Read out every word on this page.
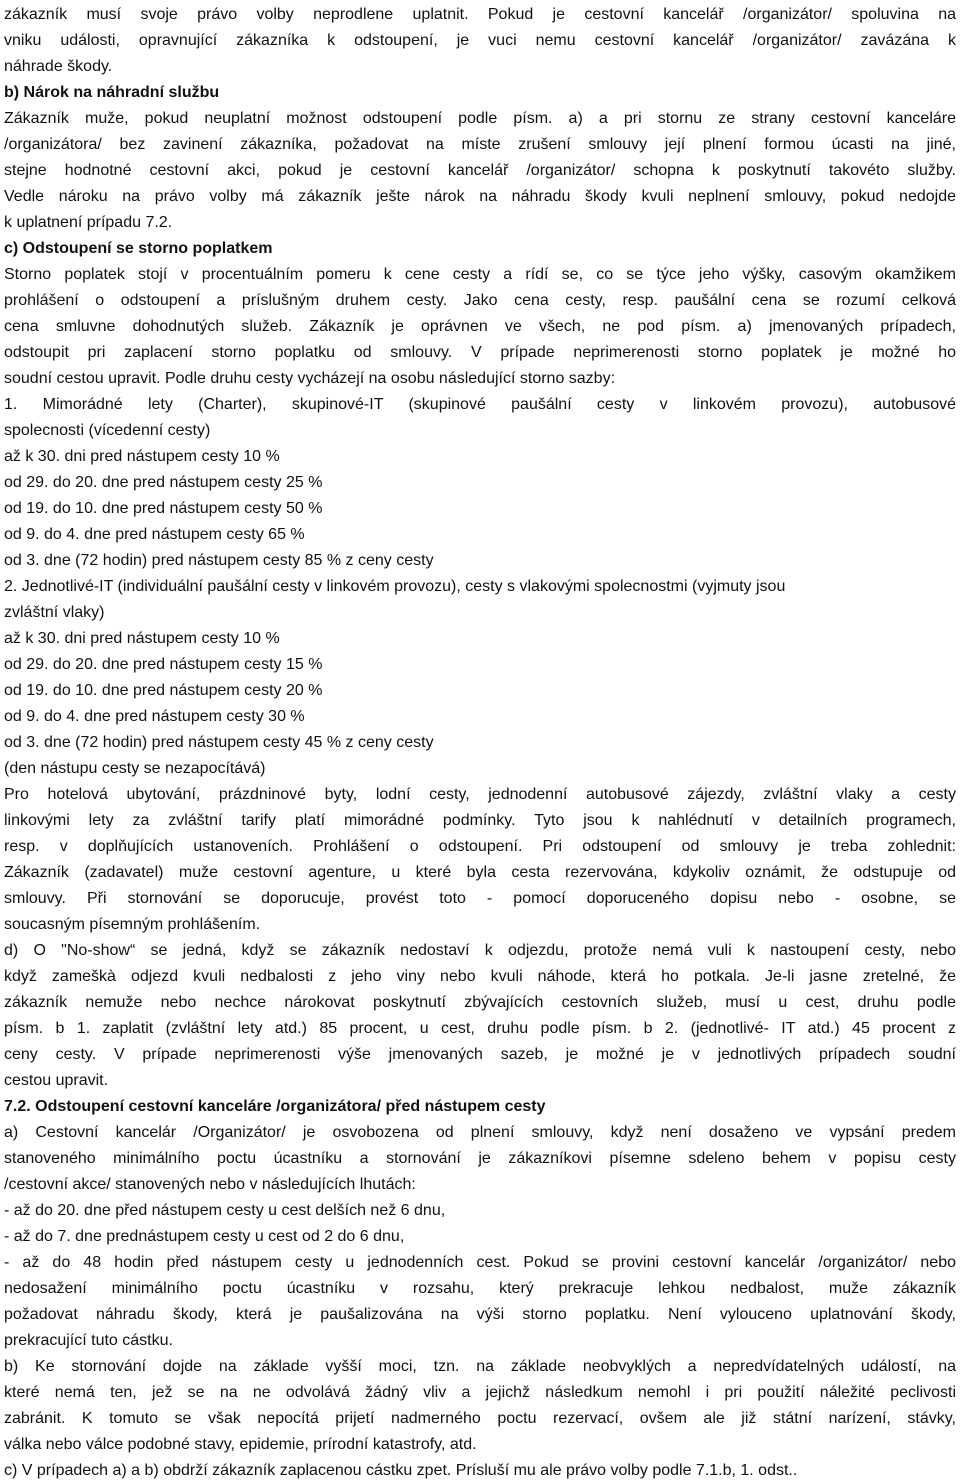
zákazník musí svoje právo volby neprodlene uplatnit. Pokud je cestovní kancelář /organizátor/ spoluvina na
vniku události, opravnující zákazníka k odstoupení, je vuci nemu cestovní kancelář /organizátor/ zavázána k
náhrade škody.
b) Nárok na náhradní službu
Zákazník muže, pokud neuplatní možnost odstoupení podle písm. a) a pri stornu ze strany cestovní kanceláre
/organizátora/ bez zavinení zákazníka, požadovat na míste zrušení smlouvy její plnení formou úcasti na jiné,
stejne hodnotné cestovní akci, pokud je cestovní kancelář /organizátor/ schopna k poskytnutí takovéto služby.
Vedle nároku na právo volby má zákazník ješte nárok na náhradu škody kvuli neplnení smlouvy, pokud nedojde
k uplatnení prípadu 7.2.
c) Odstoupení se storno poplatkem
Storno poplatek stojí v procentuálním pomeru k cene cesty a rídí se, co se týce jeho výšky, casovým okamžikem
prohlášení o odstoupení a príslušným druhem cesty. Jako cena cesty, resp. paušální cena se rozumí celková
cena smluvne dohodnutých služeb. Zákazník je oprávnen ve všech, ne pod písm. a) jmenovaných prípadech,
odstoupit pri zaplacení storno poplatku od smlouvy. V prípade neprimerenosti storno poplatek je možné ho
soudní cestou upravit. Podle druhu cesty vycházejí na osobu následující storno sazby:
1. Mimorádné lety (Charter), skupinové-IT (skupinové paušální cesty v linkovém provozu), autobusové
spolecnosti (vícedenní cesty)
až k 30. dni pred nástupem cesty 10 %
od 29. do 20. dne pred nástupem cesty 25 %
od 19. do 10. dne pred nástupem cesty 50 %
od 9. do 4. dne pred nástupem cesty 65 %
od 3. dne (72 hodin) pred nástupem cesty 85 % z ceny cesty
2. Jednotlivé-IT (individuální paušální cesty v linkovém provozu), cesty s vlakovými spolecnostmi (vyjmuty jsou
zvláštní vlaky)
až k 30. dni pred nástupem cesty 10 %
od 29. do 20. dne pred nástupem cesty 15 %
od 19. do 10. dne pred nástupem cesty 20 %
od 9. do 4. dne pred nástupem cesty 30 %
od 3. dne (72 hodin) pred nástupem cesty 45 % z ceny cesty
(den nástupu cesty se nezapocítává)
Pro hotelová ubytování, prázdninové byty, lodní cesty, jednodenní autobusové zájezdy, zvláštní vlaky a cesty
linkovými lety za zvláštní tarify platí mimorádné podmínky. Tyto jsou k nahlédnutí v detailních programech,
resp. v doplňujících ustanoveních. Prohlášení o odstoupení. Pri odstoupení od smlouvy je treba zohlednit:
Zákazník (zadavatel) muže cestovní agenture, u které byla cesta rezervována, kdykoliv oznámit, že odstupuje od
smlouvy. Při stornování se doporucuje, provést toto - pomocí doporuceného dopisu nebo - osobne, se
soucasným písemným prohlášením.
d) O "No-show“ se jedná, když se zákazník nedostaví k odjezdu, protože nemá vuli k nastoupení cesty, nebo
když zameškà odjezd kvuli nedbalosti z jeho viny nebo kvuli náhode, která ho potkala. Je-li jasne zretelné, že
zákazník nemuže nebo nechce nárokovat poskytnutí zbývajících cestovních služeb, musí u cest, druhu podle
písm. b 1. zaplatit (zvláštní lety atd.) 85 procent, u cest, druhu podle písm. b 2. (jednotlivé- IT atd.) 45 procent z
ceny cesty. V prípade neprimerenosti výše jmenovaných sazeb, je možné je v jednotlivých prípadech soudní
cestou upravit.
7.2. Odstoupení cestovní kanceláre /organizátora/ před nástupem cesty
a) Cestovní kancelár /Organizátor/ je osvobozena od plnení smlouvy, když není dosaženo ve vypsání predem
stanoveného minimálního poctu úcastníku a stornování je zákazníkovi písemne sdeleno behem v popisu cesty
/cestovní akce/ stanovených nebo v následujících lhutách:
- až do 20. dne před nástupem cesty u cest delších než 6 dnu,
- až do 7. dne prednástupem cesty u cest od 2 do 6 dnu,
- až do 48 hodin před nástupem cesty u jednodenních cest. Pokud se provini cestovní kancelár /organizátor/ nebo
nedosažení minimálního poctu úcastníku v rozsahu, který prekracuje lehkou nedbalost, muže zákazník
požadovat náhradu škody, která je paušalizována na výši storno poplatku. Není vylouceno uplatnování škody,
prekracující tuto cástku.
b) Ke stornování dojde na základe vyšší moci, tzn. na základe neobvyklých a nepredvídatelných událostí, na
které nemá ten, jež se na ne odvolává žádný vliv a jejichž následkum nemohl i pri použití náležité peclivosti
zabránit. K tomuto se však nepocítá prijetí nadmerného poctu rezervací, ovšem ale již státní narízení, stávky,
válka nebo válce podobné stavy, epidemie, prírodní katastrofy, atd.
c) V prípadech a) a b) obdrží zákazník zaplacenou cástku zpet. Prísluší mu ale právo volby podle 7.1.b, 1. odst..
